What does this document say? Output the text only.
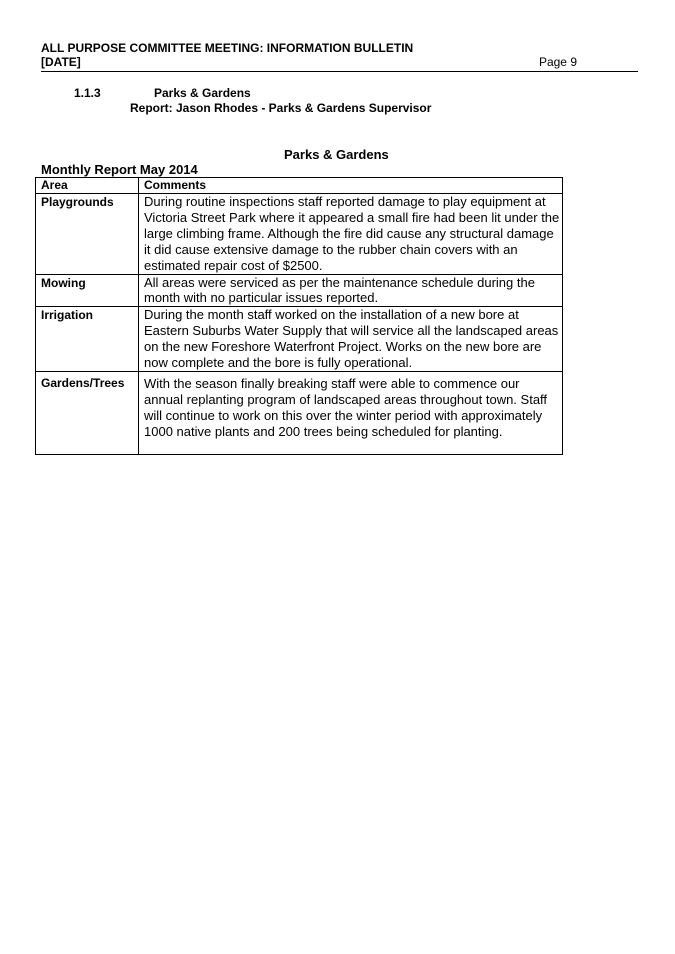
ALL PURPOSE COMMITTEE MEETING: INFORMATION BULLETIN
[DATE]	Page 9
1.1.3	Parks & Gardens
Report: Jason Rhodes - Parks & Gardens Supervisor
Parks & Gardens
Monthly Report May 2014
Area	Comments
Playgrounds	During routine inspections staff reported damage to play equipment at Victoria Street Park where it appeared a small fire had been lit under the large climbing frame. Although the fire did cause any structural damage it did cause extensive damage to the rubber chain covers with an estimated repair cost of $2500.
Mowing	All areas were serviced as per the maintenance schedule during the month with no particular issues reported.
Irrigation	During the month staff worked on the installation of a new bore at Eastern Suburbs Water Supply that will service all the landscaped areas on the new Foreshore Waterfront Project. Works on the new bore are now complete and the bore is fully operational.
Gardens/Trees	With the season finally breaking staff were able to commence our annual replanting program of landscaped areas throughout town. Staff will continue to work on this over the winter period with approximately 1000 native plants and 200 trees being scheduled for planting.
